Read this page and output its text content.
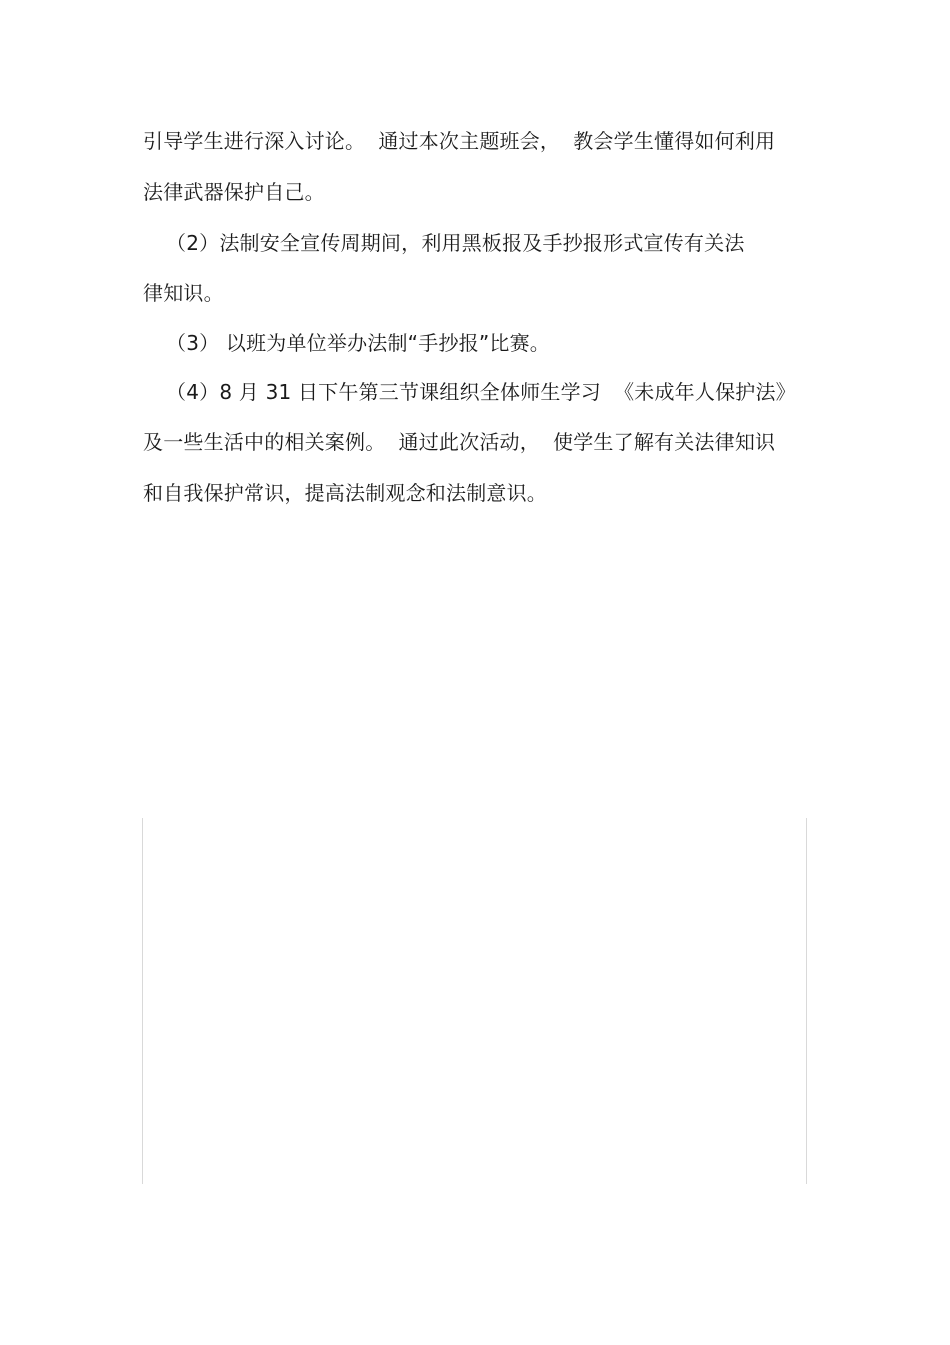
引导学生进行深入讨论。  通过本次主题班会，  教会学生懂得如何利用
法律武器保护自己。
（2）法制安全宣传周期间，利用黑板报及手抄报形式宣传有关法
律知识。
（3） 以班为单位举办法制“手抄报”比赛。
（4）8 月 31 日下午第三节课组织全体师生学习  《未成年人保护法》
及一些生活中的相关案例。  通过此次活动，  使学生了解有关法律知识
和自我保护常识，提高法制观念和法制意识。
